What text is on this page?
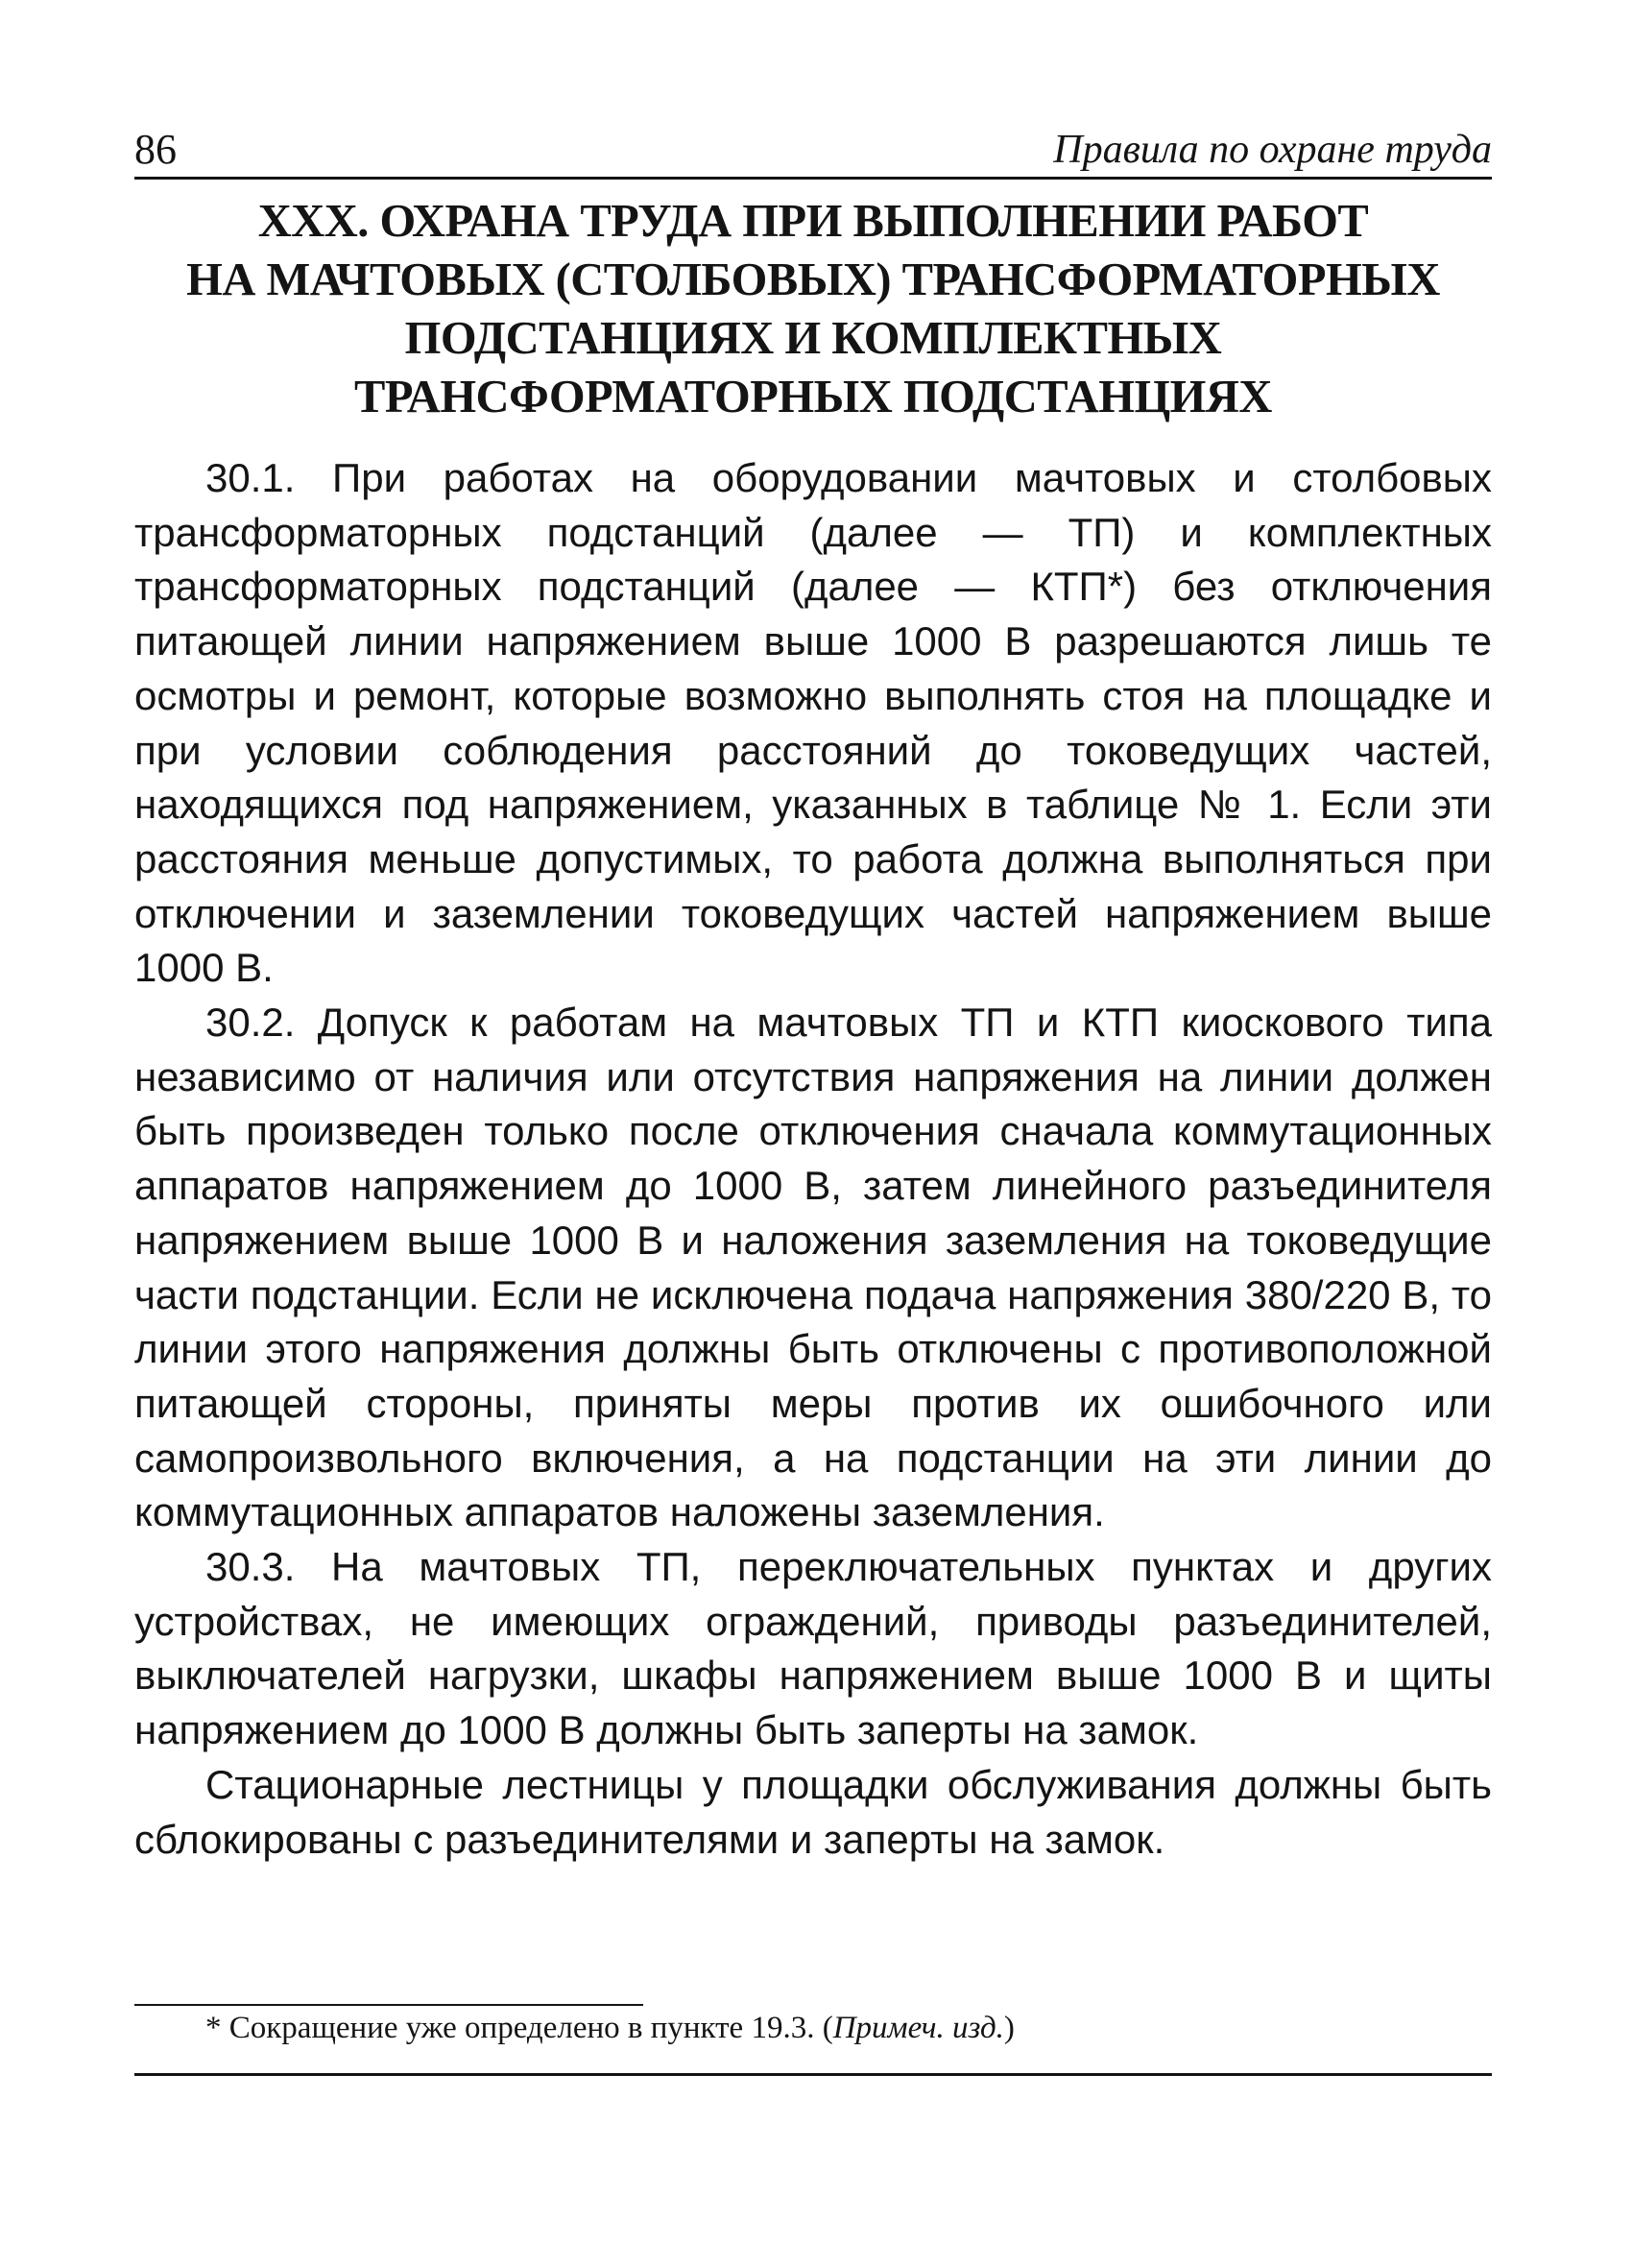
86	Правила по охране труда
XXX. ОХРАНА ТРУДА ПРИ ВЫПОЛНЕНИИ РАБОТ
НА МАЧТОВЫХ (СТОЛБОВЫХ) ТРАНСФОРМАТОРНЫХ
ПОДСТАНЦИЯХ И КОМПЛЕКТНЫХ
ТРАНСФОРМАТОРНЫХ ПОДСТАНЦИЯХ

30.1. При работах на оборудовании мачтовых и столбовых трансформаторных подстанций (далее — ТП) и комплектных трансформаторных подстанций (далее — КТП*) без отключения питающей линии напряжением выше 1000 В разрешаются лишь те осмотры и ремонт, которые возможно выполнять стоя на площадке и при условии соблюдения расстояний до токоведущих частей, находящихся под напряжением, указанных в таблице № 1. Если эти расстояния меньше допустимых, то работа должна выполняться при отключении и заземлении токоведущих частей напряжением выше 1000 В.

30.2. Допуск к работам на мачтовых ТП и КТП киоскового типа независимо от наличия или отсутствия напряжения на линии должен быть произведен только после отключения сначала коммутационных аппаратов напряжением до 1000 В, затем линейного разъединителя напряжением выше 1000 В и наложения заземления на токоведущие части подстанции. Если не исключена подача напряжения 380/220 В, то линии этого напряжения должны быть отключены с противоположной питающей стороны, приняты меры против их ошибочного или самопроизвольного включения, а на подстанции на эти линии до коммутационных аппаратов наложены заземления.

30.3. На мачтовых ТП, переключательных пунктах и других устройствах, не имеющих ограждений, приводы разъединителей, выключателей нагрузки, шкафы напряжением выше 1000 В и щиты напряжением до 1000 В должны быть заперты на замок.

Стационарные лестницы у площадки обслуживания должны быть сблокированы с разъединителями и заперты на замок.

* Сокращение уже определено в пункте 19.3. (Примеч. изд.)
